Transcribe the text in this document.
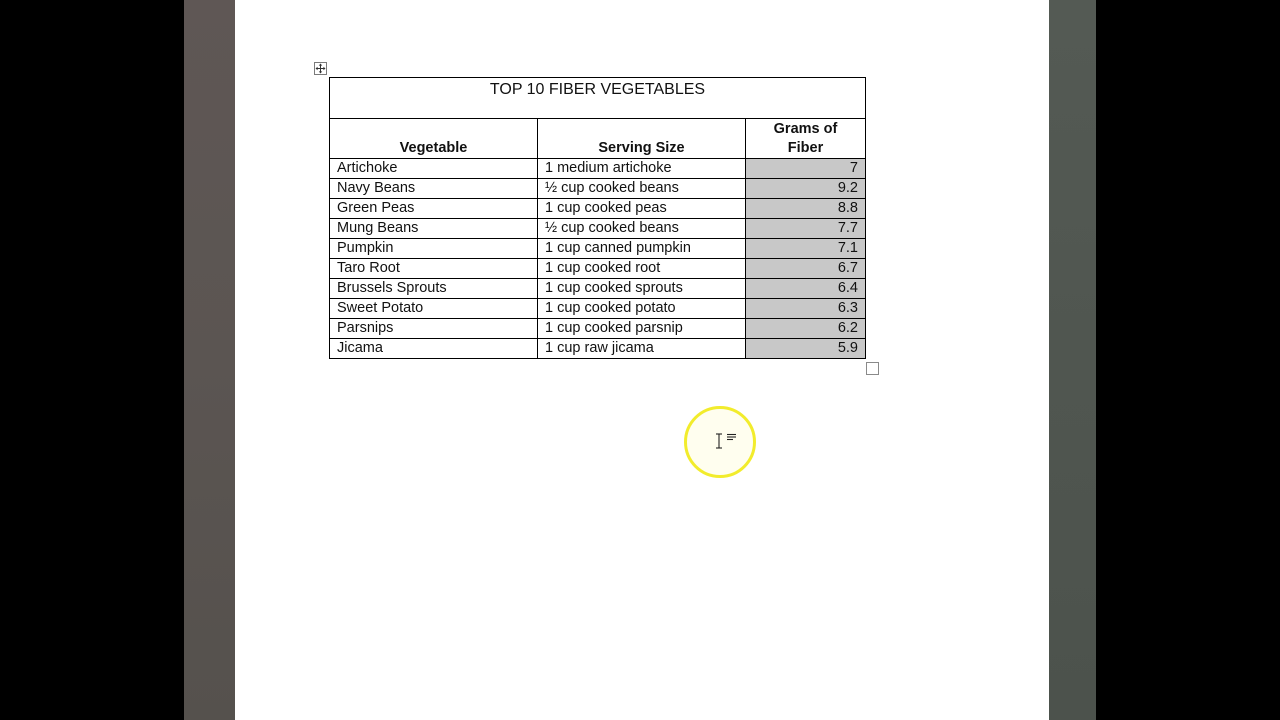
TOP 10 FIBER VEGETABLES		
Vegetable	Serving Size	Grams of
Fiber
Artichoke	1 medium artichoke	7
Navy Beans	½ cup cooked beans	9.2
Green Peas	1 cup cooked peas	8.8
Mung Beans	½ cup cooked beans	7.7
Pumpkin	1 cup canned pumpkin	7.1
Taro Root	1 cup cooked root	6.7
Brussels Sprouts	1 cup cooked sprouts	6.4
Sweet Potato	1 cup cooked potato	6.3
Parsnips	1 cup cooked parsnip	6.2
Jicama	1 cup raw jicama	5.9
